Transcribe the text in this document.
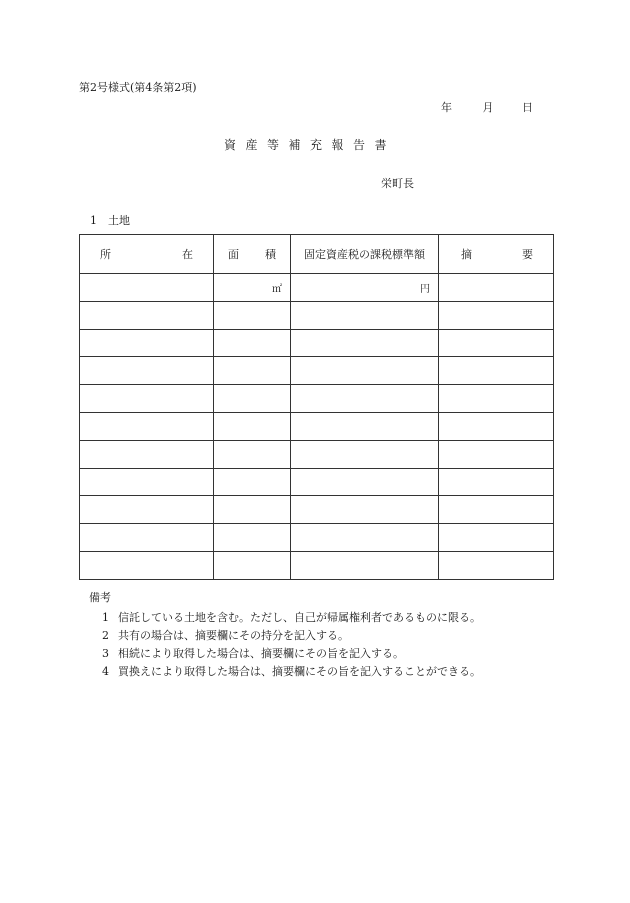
第2号様式(第4条第2項)
年	月	日
資産等補充報告書
栄町長
1　土地
所 在	面 積	固定資産税の課税標準額	摘 要

	㎡	円	

備考
1 信託している土地を含む。ただし、自己が帰属権利者であるものに限る。
2 共有の場合は、摘要欄にその持分を記入する。
3 相続により取得した場合は、摘要欄にその旨を記入する。
4 買換えにより取得した場合は、摘要欄にその旨を記入することができる。
